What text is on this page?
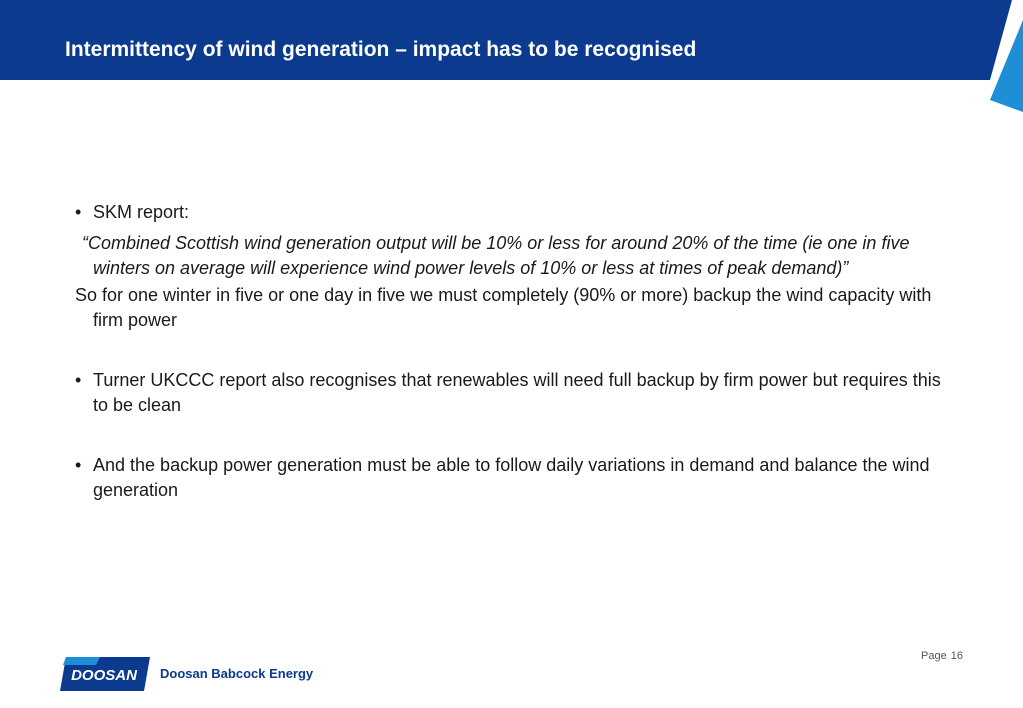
Intermittency of wind generation – impact has to be recognised

• SKM report:

“Combined Scottish wind generation output will be 10% or less for around 20% of the time (ie one in five winters on average will experience wind power levels of 10% or less at times of peak demand)”

So for one winter in five or one day in five we must completely (90% or more) backup the wind capacity with firm power

• Turner UKCCC report also recognises that renewables will need full backup by firm power but requires this to be clean

• And the backup power generation must be able to follow daily variations in demand and balance the wind generation

DOOSAN Doosan Babcock Energy
Page 16
